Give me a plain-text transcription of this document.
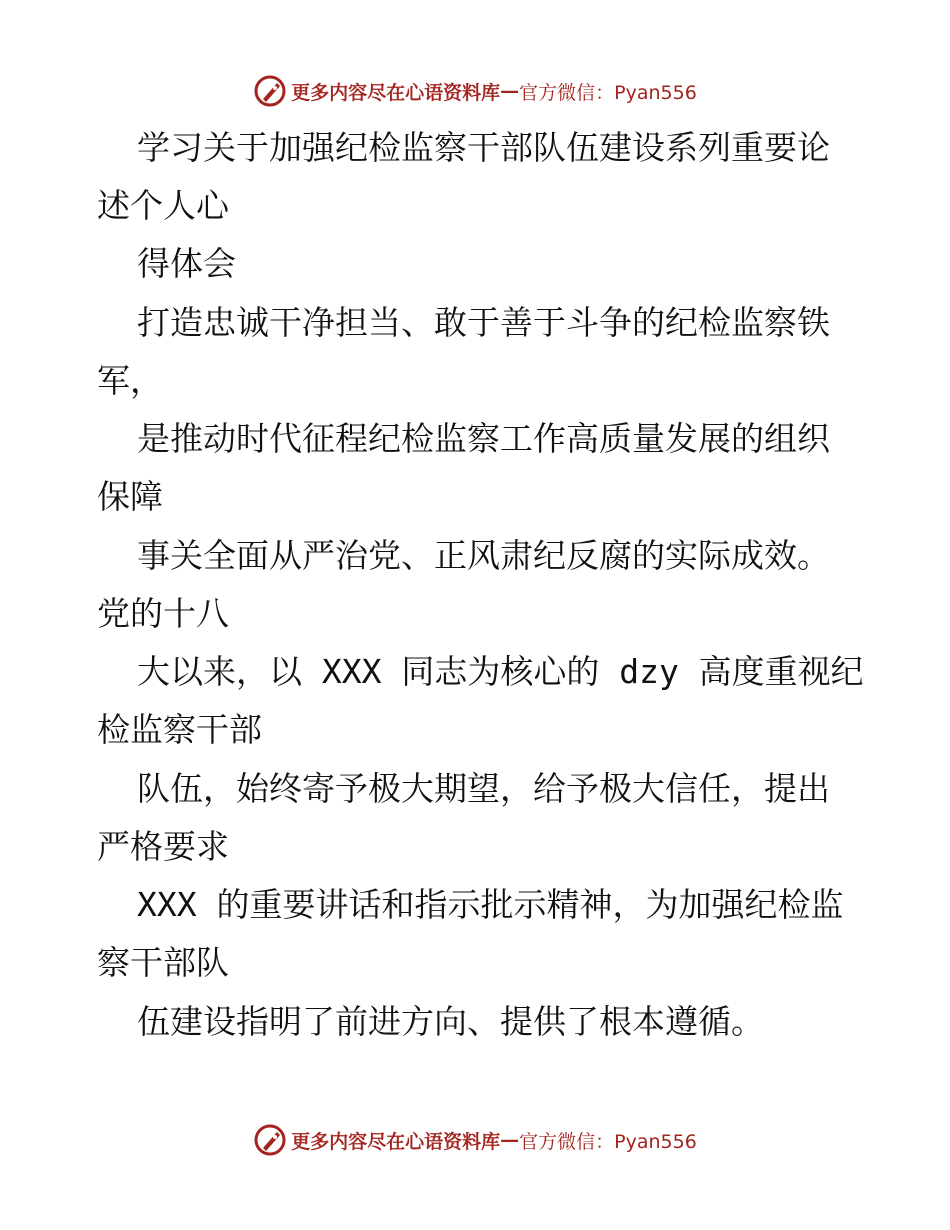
更多内容尽在心语资料库 — 官方微信：Pyan556
学习关于加强纪检监察干部队伍建设系列重要论
述个人心
得体会
打造忠诚干净担当、敢于善于斗争的纪检监察铁
军，
是推动时代征程纪检监察工作高质量发展的组织
保障
事关全面从严治党、正风肃纪反腐的实际成效。
党的十八
大以来，以 XXX 同志为核心的 dzy 高度重视纪
检监察干部
队伍，始终寄予极大期望，给予极大信任，提出
严格要求
XXX 的重要讲话和指示批示精神，为加强纪检监
察干部队
伍建设指明了前进方向、提供了根本遵循。
更多内容尽在心语资料库 — 官方微信：Pyan556
